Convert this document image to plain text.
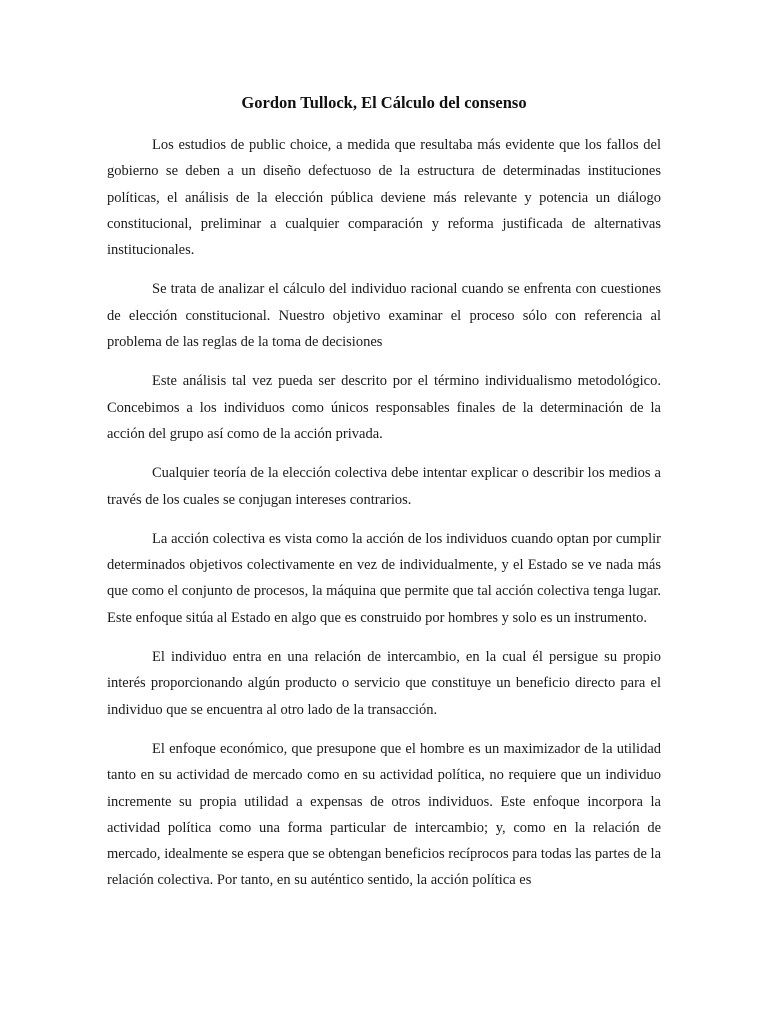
Gordon Tullock, El Cálculo del consenso

Los estudios de public choice, a medida que resultaba más evidente que los fallos del gobierno se deben a un diseño defectuoso de la estructura de determinadas instituciones políticas, el análisis de la elección pública deviene más relevante y potencia un diálogo constitucional, preliminar a cualquier comparación y reforma justificada de alternativas institucionales.

Se trata de analizar el cálculo del individuo racional cuando se enfrenta con cuestiones de elección constitucional. Nuestro objetivo examinar el proceso sólo con referencia al problema de las reglas de la toma de decisiones

Este análisis tal vez pueda ser descrito por el término individualismo metodológico. Concebimos a los individuos como únicos responsables finales de la determinación de la acción del grupo así como de la acción privada.

Cualquier teoría de la elección colectiva debe intentar explicar o describir los medios a través de los cuales se conjugan intereses contrarios.

La acción colectiva es vista como la acción de los individuos cuando optan por cumplir determinados objetivos colectivamente en vez de individualmente, y el Estado se ve nada más que como el conjunto de procesos, la máquina que permite que tal acción colectiva tenga lugar. Este enfoque sitúa al Estado en algo que es construido por hombres y solo es un instrumento.

El individuo entra en una relación de intercambio, en la cual él persigue su propio interés proporcionando algún producto o servicio que constituye un beneficio directo para el individuo que se encuentra al otro lado de la transacción.

El enfoque económico, que presupone que el hombre es un maximizador de la utilidad tanto en su actividad de mercado como en su actividad política, no requiere que un individuo incremente su propia utilidad a expensas de otros individuos. Este enfoque incorpora la actividad política como una forma particular de intercambio; y, como en la relación de mercado, idealmente se espera que se obtengan beneficios recíprocos para todas las partes de la relación colectiva. Por tanto, en su auténtico sentido, la acción política es
